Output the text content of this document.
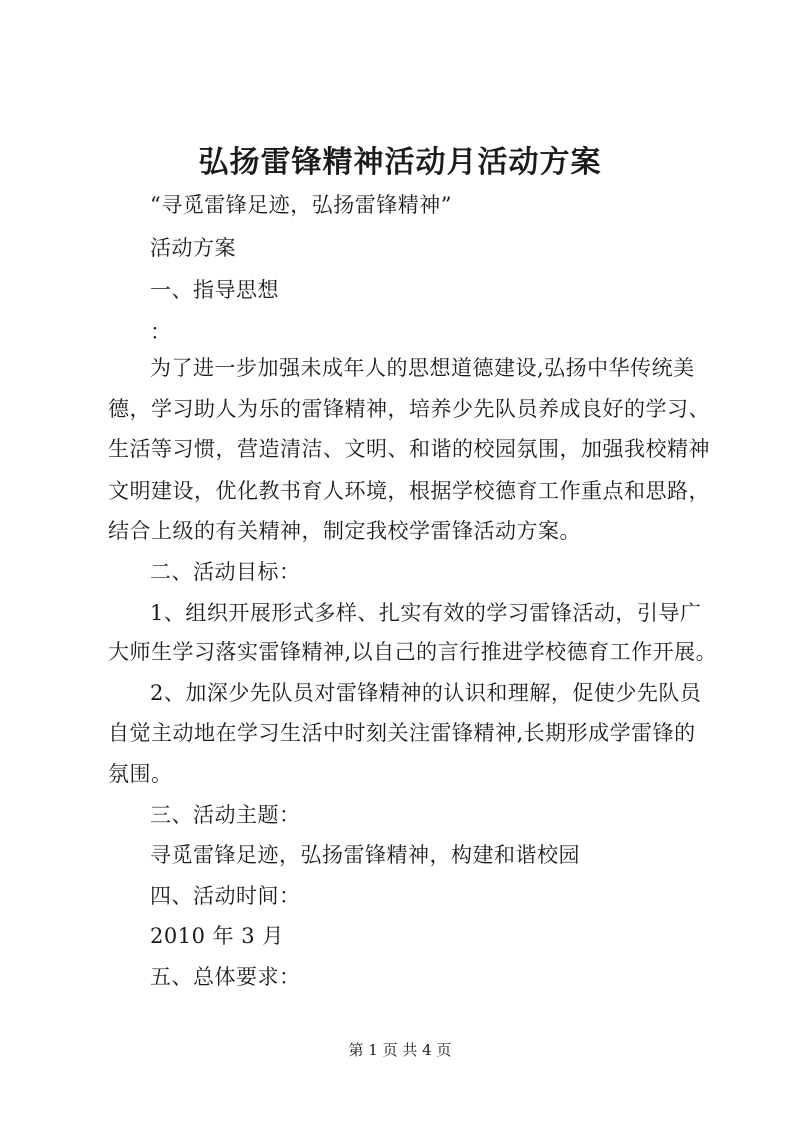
弘扬雷锋精神活动月活动方案
“寻觅雷锋足迹，弘扬雷锋精神”
活动方案
一、指导思想
：
为了进一步加强未成年人的思想道德建设,弘扬中华传统美
德，学习助人为乐的雷锋精神，培养少先队员养成良好的学习、
生活等习惯，营造清洁、文明、和谐的校园氛围，加强我校精神
文明建设，优化教书育人环境，根据学校德育工作重点和思路，
结合上级的有关精神，制定我校学雷锋活动方案。
二、活动目标：
1、组织开展形式多样、扎实有效的学习雷锋活动，引导广
大师生学习落实雷锋精神,以自己的言行推进学校德育工作开展。
2、加深少先队员对雷锋精神的认识和理解，促使少先队员
自觉主动地在学习生活中时刻关注雷锋精神,长期形成学雷锋的
氛围。
三、活动主题：
寻觅雷锋足迹，弘扬雷锋精神，构建和谐校园
四、活动时间：
2010 年 3 月
五、总体要求：
第 1 页 共 4 页
